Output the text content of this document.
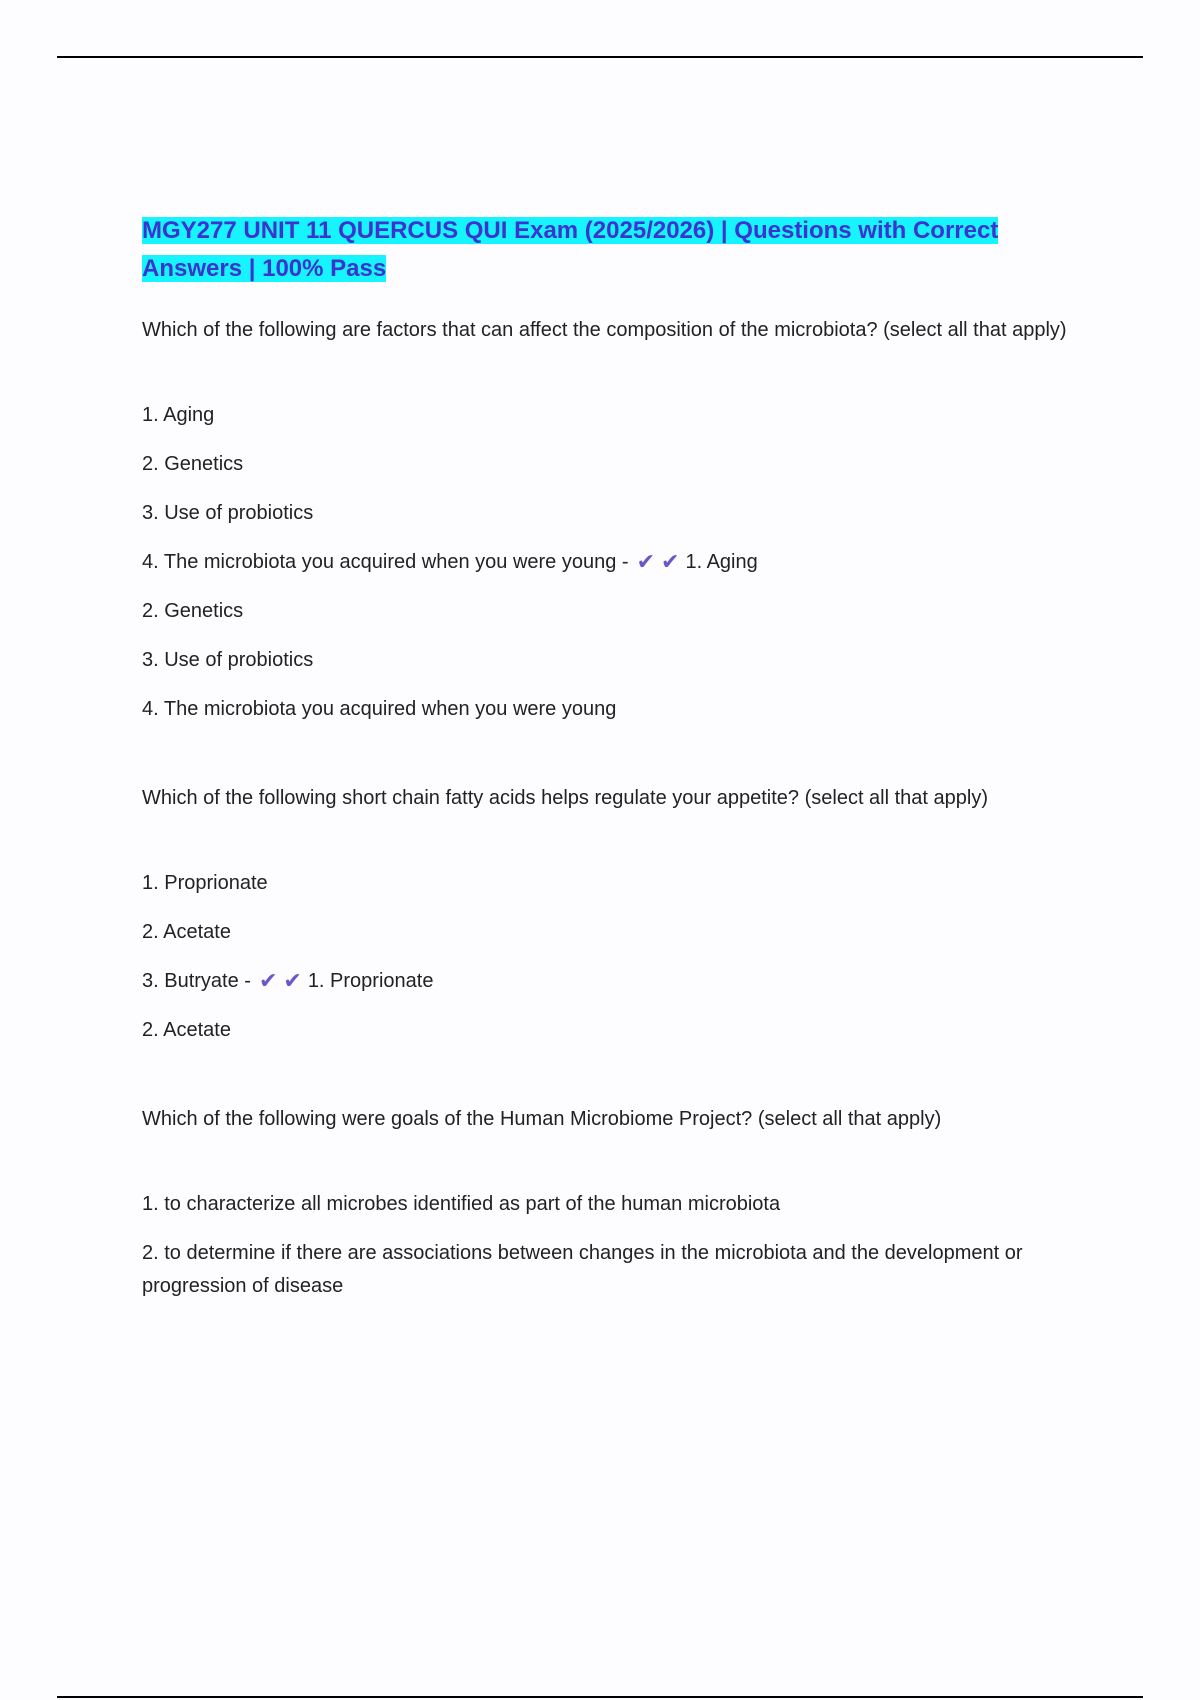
MGY277 UNIT 11 QUERCUS QUI Exam (2025/2026) | Questions with Correct Answers | 100% Pass
Which of the following are factors that can affect the composition of the microbiota? (select all that apply)
1. Aging
2. Genetics
3. Use of probiotics
4. The microbiota you acquired when you were young - ✔ ✔ 1. Aging
2. Genetics
3. Use of probiotics
4. The microbiota you acquired when you were young
Which of the following short chain fatty acids helps regulate your appetite? (select all that apply)
1. Proprionate
2. Acetate
3. Butryate - ✔ ✔ 1. Proprionate
2. Acetate
Which of the following were goals of the Human Microbiome Project? (select all that apply)
1. to characterize all microbes identified as part of the human microbiota
2. to determine if there are associations between changes in the microbiota and the development or progression of disease
